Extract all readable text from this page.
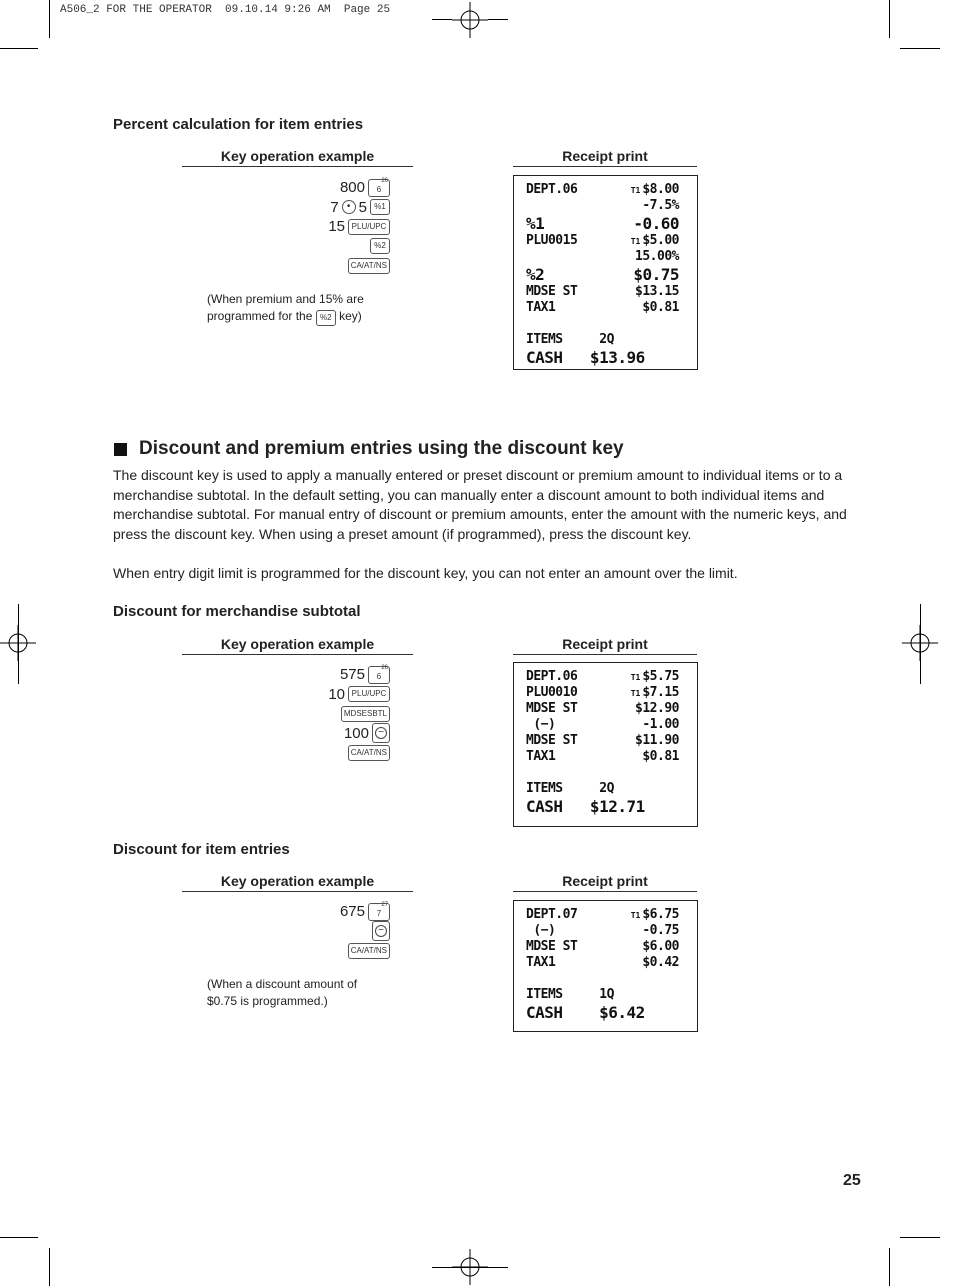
A506_2 FOR THE OPERATOR  09.10.14 9:26 AM  Page 25
Percent calculation for item entries
Key operation example	Receipt print
800	26
6
7 • 5 %1
15 PLU/UPC
%2
CA/AT/NS
(When premium and 15% are programmed for the %2 key)
DEPT.06	T1 $8.00
-7.5%
%1	-0.60
PLU0015	T1 $5.00
15.00%
%2	$0.75
MDSE ST	$13.15
TAX1	$0.81
ITEMS     2Q
CASH   $13.96
Discount and premium entries using the discount key
The discount key is used to apply a manually entered or preset discount or premium amount to individual items or to a merchandise subtotal. In the default setting, you can manually enter a discount amount to both individual items and merchandise subtotal. For manual entry of discount or premium amounts, enter the amount with the numeric keys, and press the discount key. When using a preset amount (if programmed), press the discount key.
When entry digit limit is programmed for the discount key, you can not enter an amount over the limit.
Discount for merchandise subtotal
Key operation example	Receipt print
575	26
6
10 PLU/UPC
MDSESBTL
100 −
CA/AT/NS
DEPT.06	T1 $5.75
PLU0010	T1 $7.15
MDSE ST	$12.90
(−)	-1.00
MDSE ST	$11.90
TAX1	$0.81
ITEMS     2Q
CASH   $12.71
Discount for item entries
Key operation example	Receipt print
675	27
7
−
CA/AT/NS
(When a discount amount of
$0.75 is programmed.)
DEPT.07	T1 $6.75
(−)	-0.75
MDSE ST	$6.00
TAX1	$0.42
ITEMS     1Q
CASH    $6.42
25
